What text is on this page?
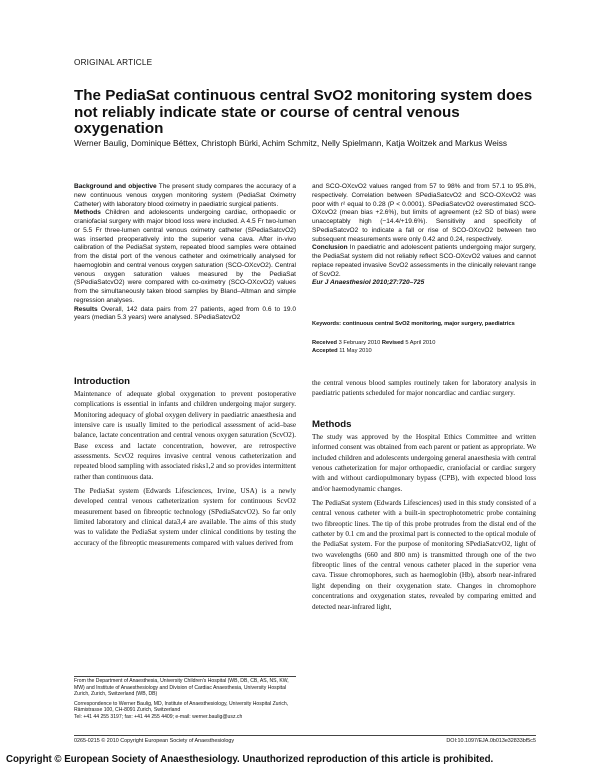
ORIGINAL ARTICLE
The PediaSat continuous central SvO2 monitoring system does not reliably indicate state or course of central venous oxygenation
Werner Baulig, Dominique Béttex, Christoph Bürki, Achim Schmitz, Nelly Spielmann, Katja Woitzek and Markus Weiss

Background and objective The present study compares the accuracy of a new continuous venous oxygen monitoring system (PediaSat Oximetry Catheter) with laboratory blood oximetry in paediatric surgical patients.

Methods Children and adolescents undergoing cardiac, orthopaedic or craniofacial surgery with major blood loss were included. A 4.5 Fr two-lumen or 5.5 Fr three-lumen central venous oximetry catheter (SPediaSatcvO2) was inserted preoperatively into the superior vena cava. After in-vivo calibration of the PediaSat system, repeated blood samples were obtained from the distal port of the venous catheter and oximetrically analysed for haemoglobin and central venous oxygen saturation (SCO-OXcvO2). Central venous oxygen saturation values measured by the PediaSat (SPediaSatcvO2) were compared with co-oximetry (SCO-OXcvO2) values from the simultaneously taken blood samples by Bland–Altman and simple regression analyses.

Results Overall, 142 data pairs from 27 patients, aged from 0.6 to 19.0 years (median 5.3 years) were analysed. SPediaSatcvO2

and SCO-OXcvO2 values ranged from 57 to 98% and from 57.1 to 95.8%, respectively. Correlation between SPediaSatcvO2 and SCO-OXcvO2 was poor with r² equal to 0.28 (P < 0.0001). SPediaSatcvO2 overestimated SCO-OXcvO2 (mean bias +2.6%), but limits of agreement (±2 SD of bias) were unacceptably high (−14.4/+19.6%). Sensitivity and specificity of SPediaSatcvO2 to indicate a fall or rise of SCO-OXcvO2 between two subsequent measurements were only 0.42 and 0.24, respectively.

Conclusion In paediatric and adolescent patients undergoing major surgery, the PediaSat system did not reliably reflect SCO-OXcvO2 values and cannot replace repeated invasive ScvO2 assessments in the clinically relevant range of ScvO2.

Eur J Anaesthesiol 2010;27:720–725

Keywords: continuous central SvO2 monitoring, major surgery, paediatrics
Received 3 February 2010 Revised 5 April 2010
Accepted 11 May 2010
Introduction

Maintenance of adequate global oxygenation to prevent postoperative complications is essential in infants and children undergoing major surgery. Monitoring adequacy of global oxygen delivery in paediatric anaesthesia and intensive care is usually limited to the periodical assessment of acid–base balance, lactate concentration and central venous oxygen saturation (ScvO2). Base excess and lactate concentration, however, are retrospective assessments. ScvO2 requires invasive central venous catheterization and repeated blood sampling with associated risks1,2 and so provides intermittent rather than continuous data.

The PediaSat system (Edwards Lifesciences, Irvine, USA) is a newly developed central venous catheterization system for continuous ScvO2 measurement based on fibreoptic technology (SPediaSatcvO2). So far only limited laboratory and clinical data3,4 are available. The aims of this study was to validate the PediaSat system under clinical conditions by testing the accuracy of the fibreoptic measurements compared with values derived from

the central venous blood samples routinely taken for laboratory analysis in paediatric patients scheduled for major noncardiac and cardiac surgery.

Methods

The study was approved by the Hospital Ethics Committee and written informed consent was obtained from each parent or patient as appropriate. We included children and adolescents undergoing general anaesthesia with central venous catheterization for major orthopaedic, craniofacial or cardiac surgery with and without cardiopulmonary bypass (CPB), with expected blood loss and/or haemodynamic changes.

The PediaSat system (Edwards Lifesciences) used in this study consisted of a central venous catheter with a built-in spectrophotometric probe containing two fibreoptic lines. The tip of this probe protrudes from the distal end of the catheter by 0.1 cm and the proximal part is connected to the optical module of the PediaSat system. For the purpose of monitoring SPediaSatcvO2, light of two wavelengths (660 and 800 nm) is transmitted through one of the two fibreoptic lines of the central venous catheter placed in the superior vena cava. Tissue chromophores, such as haemoglobin (Hb), absorb near-infrared light depending on their oxygenation state. Changes in chromophore concentrations and oxygenation states, revealed by comparing emitted and detected near-infrared light,

From the Department of Anaesthesia, University Children's Hospital (WB, DB, CB, AS, NS, KW, MW) and Institute of Anaesthesiology and Division of Cardiac Anaesthesia, University Hospital Zurich, Zurich, Switzerland (WB, DB)

Correspondence to Werner Baulig, MD, Institute of Anaesthesiology, University Hospital Zurich, Rämistrasse 100, CH-8091 Zurich, Switzerland
Tel: +41 44 255 3197; fax: +41 44 255 4409; e-mail: werner.baulig@usz.ch

0265-0215 © 2010 Copyright European Society of Anaesthesiology	DOI:10.1097/EJA.0b013e32833bf5c5
Copyright © European Society of Anaesthesiology. Unauthorized reproduction of this article is prohibited.
